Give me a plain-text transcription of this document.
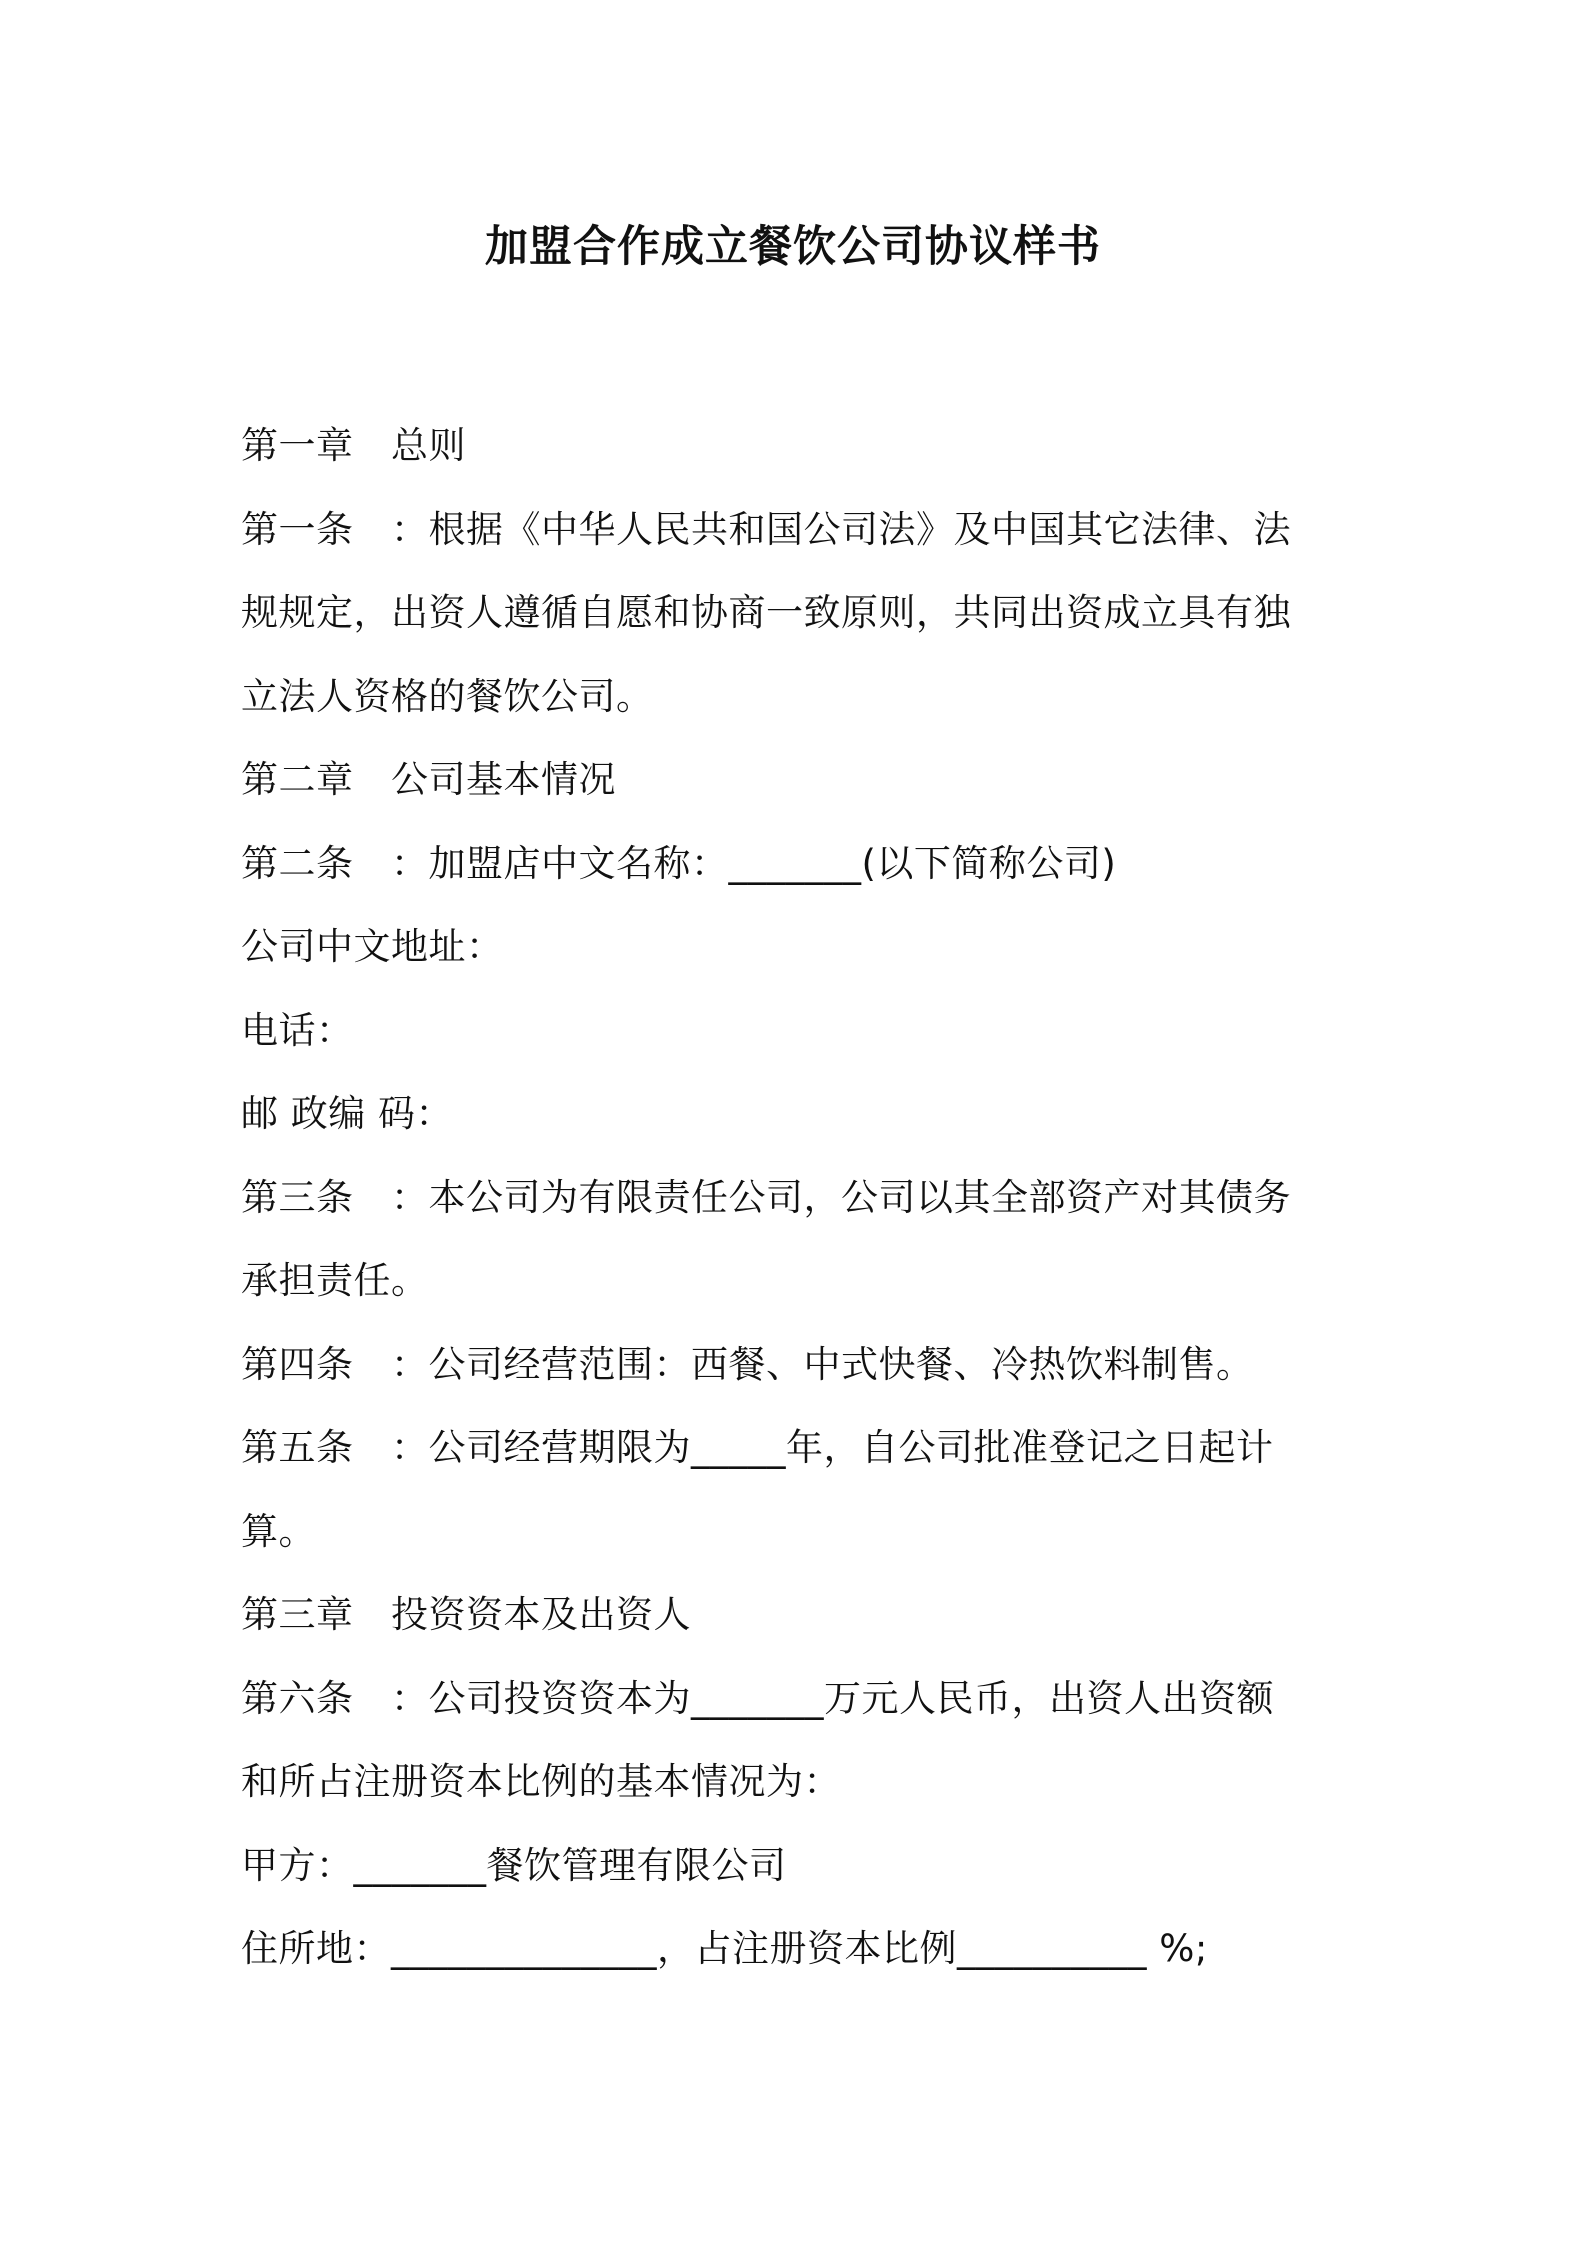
加盟合作成立餐饮公司协议样书
第一章　总则
第一条　：根据《中华人民共和国公司法》及中国其它法律、法
规规定，出资人遵循自愿和协商一致原则，共同出资成立具有独
立法人资格的餐饮公司。
第二章　公司基本情况
第二条　：加盟店中文名称：_______(以下简称公司)
公司中文地址：
电话：
邮 政编 码：
第三条　：本公司为有限责任公司，公司以其全部资产对其债务
承担责任。
第四条　：公司经营范围：西餐、中式快餐、冷热饮料制售。
第五条　：公司经营期限为_____年，自公司批准登记之日起计
算。
第三章　投资资本及出资人
第六条　：公司投资资本为_______万元人民币，出资人出资额
和所占注册资本比例的基本情况为：
甲方：_______餐饮管理有限公司
住所地：______________，占注册资本比例__________ %;
